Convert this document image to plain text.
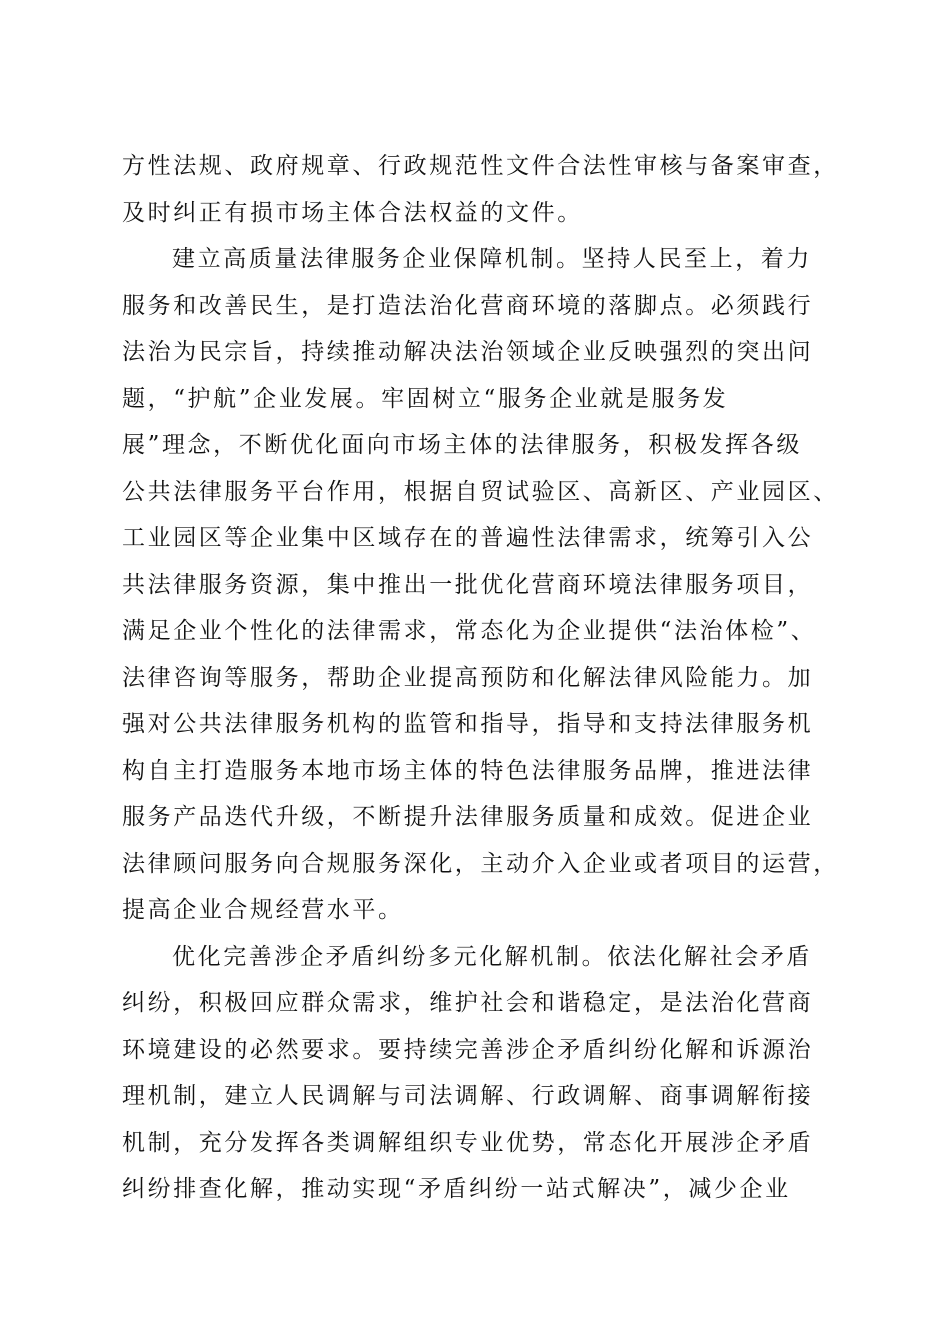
方性法规、政府规章、行政规范性文件合法性审核与备案审查，
及时纠正有损市场主体合法权益的文件。
建立高质量法律服务企业保障机制。坚持人民至上，着力
服务和改善民生，是打造法治化营商环境的落脚点。必须践行
法治为民宗旨，持续推动解决法治领域企业反映强烈的突出问
题，“护航”企业发展。牢固树立“服务企业就是服务发
展”理念，不断优化面向市场主体的法律服务，积极发挥各级
公共法律服务平台作用，根据自贸试验区、高新区、产业园区、
工业园区等企业集中区域存在的普遍性法律需求，统筹引入公
共法律服务资源，集中推出一批优化营商环境法律服务项目，
满足企业个性化的法律需求，常态化为企业提供“法治体检”、
法律咨询等服务，帮助企业提高预防和化解法律风险能力。加
强对公共法律服务机构的监管和指导，指导和支持法律服务机
构自主打造服务本地市场主体的特色法律服务品牌，推进法律
服务产品迭代升级，不断提升法律服务质量和成效。促进企业
法律顾问服务向合规服务深化，主动介入企业或者项目的运营，
提高企业合规经营水平。
优化完善涉企矛盾纠纷多元化解机制。依法化解社会矛盾
纠纷，积极回应群众需求，维护社会和谐稳定，是法治化营商
环境建设的必然要求。要持续完善涉企矛盾纠纷化解和诉源治
理机制，建立人民调解与司法调解、行政调解、商事调解衔接
机制，充分发挥各类调解组织专业优势，常态化开展涉企矛盾
纠纷排查化解，推动实现“矛盾纠纷一站式解决”，减少企业
